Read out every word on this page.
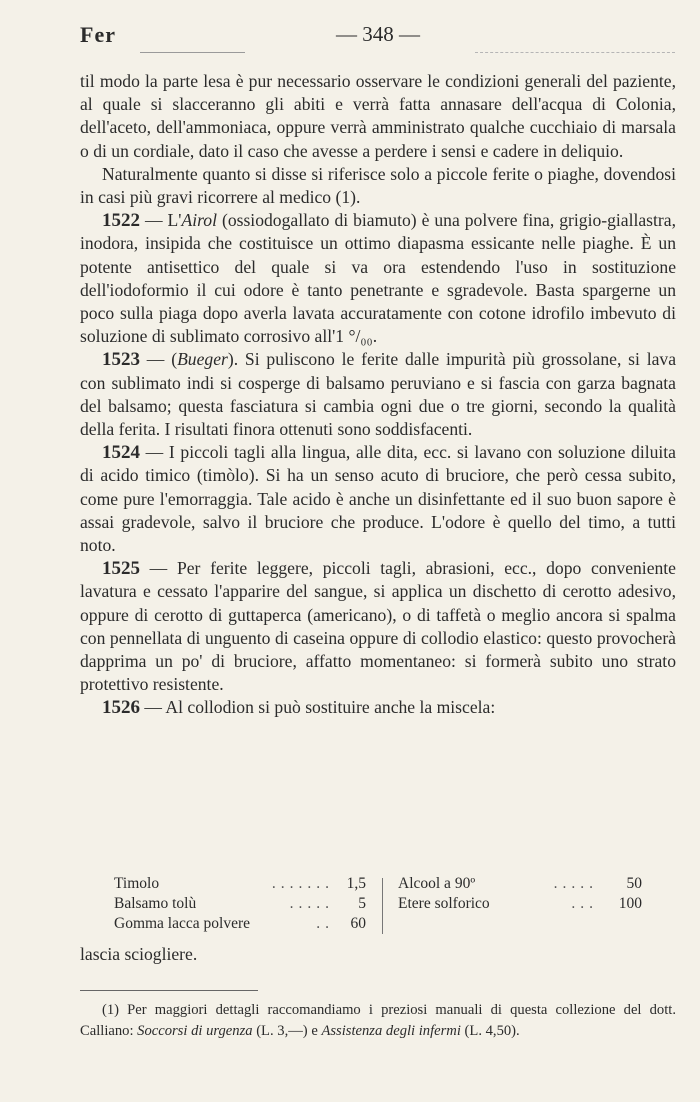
Fer	— 348 —

til modo la parte lesa è pur necessario osservare le condizioni generali del paziente, al quale si slacceranno gli abiti e verrà fatta annasare dell'acqua di Colonia, dell'aceto, dell'ammoniaca, oppure verrà amministrato qualche cucchiaio di marsala o di un cordiale, dato il caso che avesse a perdere i sensi e cadere in deliquio.

Naturalmente quanto si disse si riferisce solo a piccole ferite o piaghe, dovendosi in casi più gravi ricorrere al medico (1).

1522 — L'Airol (ossiodogallato di biamuto) è una polvere fina, grigio-giallastra, inodora, insipida che costituisce un ottimo diapasma essicante nelle piaghe. È un potente antisettico del quale si va ora estendendo l'uso in sostituzione dell'iodoformio il cui odore è tanto penetrante e sgradevole. Basta spargerne un poco sulla piaga dopo averla lavata accuratamente con cotone idrofilo imbevuto di soluzione di sublimato corrosivo all'1 °/₀₀.

1523 — (Bueger). Si puliscono le ferite dalle impurità più grossolane, si lava con sublimato indi si cosperge di balsamo peruviano e si fascia con garza bagnata del balsamo; questa fasciatura si cambia ogni due o tre giorni, secondo la qualità della ferita. I risultati finora ottenuti sono soddisfacenti.

1524 — I piccoli tagli alla lingua, alle dita, ecc. si lavano con soluzione diluita di acido timico (timòlo). Si ha un senso acuto di bruciore, che però cessa subito, come pure l'emorraggia. Tale acido è anche un disinfettante ed il suo buon sapore è assai gradevole, salvo il bruciore che produce. L'odore è quello del timo, a tutti noto.

1525 — Per ferite leggere, piccoli tagli, abrasioni, ecc., dopo conveniente lavatura e cessato l'apparire del sangue, si applica un dischetto di cerotto adesivo, oppure di cerotto di guttaperca (americano), o di taffetà o meglio ancora si spalma con pennellata di unguento di caseina oppure di collodio elastico: questo provocherà dapprima un po' di bruciore, affatto momentaneo: si formerà subito uno strato protettivo resistente.

1526 — Al collodion si può sostituire anche la miscela:

.......
Timolo	1,5
.....
Balsamo tolù	5
..
Gomma lacca polvere	60
.....
Alcool a 90º	50
...
Etere solforico	100
lascia sciogliere.
(1) Per maggiori dettagli raccomandiamo i preziosi manuali di questa collezione del dott. Calliano: Soccorsi di urgenza (L. 3,—) e Assistenza degli infermi (L. 4,50).
